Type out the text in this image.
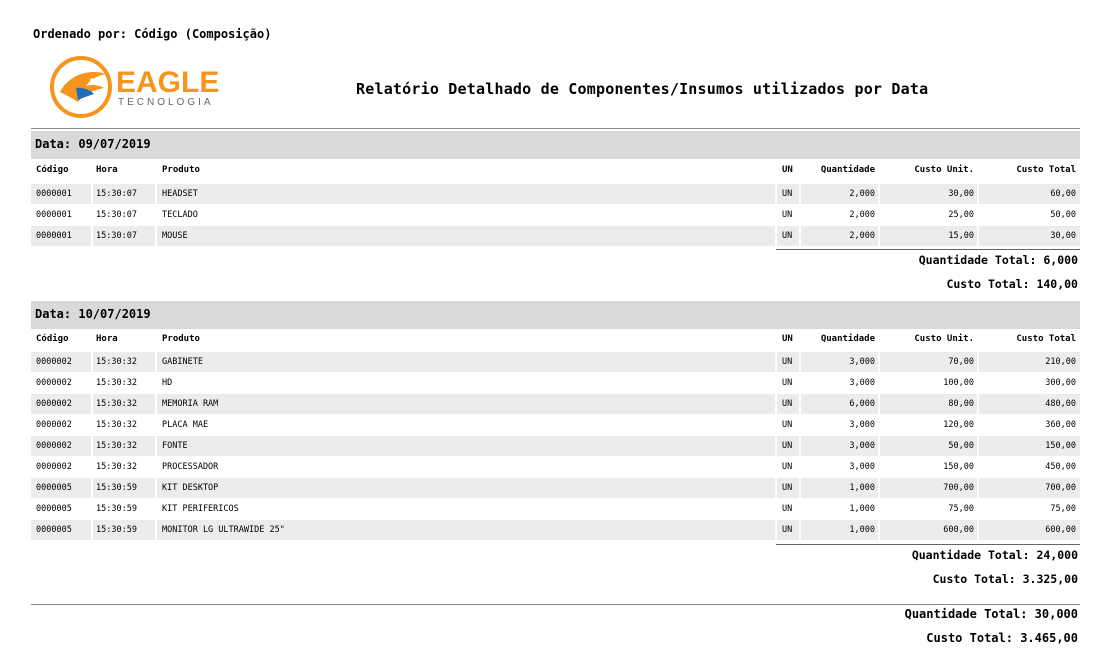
Ordenado por: Código (Composição)
EAGLE
TECNOLOGIA
Relatório Detalhado de Componentes/Insumos utilizados por Data
Data: 09/07/2019
Código	Hora	Produto	UN	Quantidade	Custo Unit.	Custo Total
0000001	15:30:07	HEADSET	UN	2,000	30,00	60,00
0000001	15:30:07	TECLADO	UN	2,000	25,00	50,00
0000001	15:30:07	MOUSE	UN	2,000	15,00	30,00
Quantidade Total: 6,000
Custo Total: 140,00
Data: 10/07/2019
Código	Hora	Produto	UN	Quantidade	Custo Unit.	Custo Total
0000002	15:30:32	GABINETE	UN	3,000	70,00	210,00
0000002	15:30:32	HD	UN	3,000	100,00	300,00
0000002	15:30:32	MEMORIA RAM	UN	6,000	80,00	480,00
0000002	15:30:32	PLACA MAE	UN	3,000	120,00	360,00
0000002	15:30:32	FONTE	UN	3,000	50,00	150,00
0000002	15:30:32	PROCESSADOR	UN	3,000	150,00	450,00
0000005	15:30:59	KIT DESKTOP	UN	1,000	700,00	700,00
0000005	15:30:59	KIT PERIFERICOS	UN	1,000	75,00	75,00
0000005	15:30:59	MONITOR LG ULTRAWIDE 25"	UN	1,000	600,00	600,00
Quantidade Total: 24,000
Custo Total: 3.325,00
Quantidade Total: 30,000
Custo Total: 3.465,00
